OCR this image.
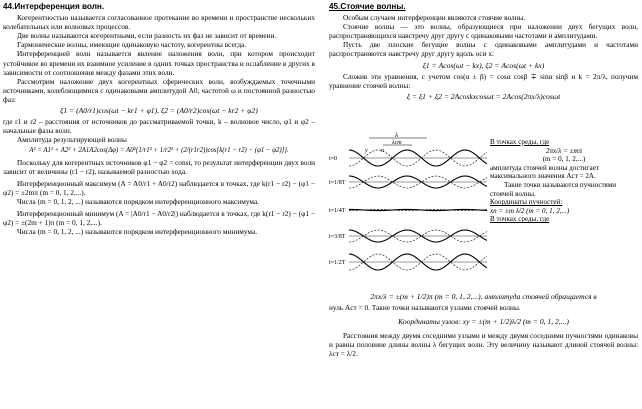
44.Интерференция волн.

Когерентностью называется согласованное протекание во времени и пространстве нескольких колебательных или волновых процессов.

Две волны называются когерентными, если разность их фаз не зависит от времени.

Гармонические волны, имеющие одинаковую частоту, когерентны всегда.

Интерференцией волн называется явление наложения волн, при котором происходит устойчивое во времени их взаимное усиление в одних точках пространства и ослабление в других в зависимости от соотношения между фазами этих волн.

Рассмотрим наложение двух когерентных сферических волн, возбуждаемых точечными источниками, колеблющимися с одинаковыми амплитудой A0, частотой ω и постоянной разностью фаз:

ξ1 = (A0/r1)cos(ωt − kr1 + φ1), ξ2 = (A0/r2)cos(ωt − kr2 + φ2)

где r1 и r2 – расстояния от источников до рассматриваемой точки, k – волновое число, φ1 и φ2 – начальные фазы волн.

Амплитуда результирующей волны

A² = A1² + A2² + 2A1A2cos(Δφ) = A0²{1/r1² + 1/r2² + (2/(r1r2))cos[k(r1 − r2) − (φ1 − φ2)]}.

Поскольку для когерентных источников φ1 − φ2 = const, то результат интерференции двух волн зависит от величины (r1 − r2), называемой разностью хода.

Интерференционный максимум (A = A0/r1 + A0/r2) наблюдается в точках, где k(r1 − r2) − (φ1 − φ2) = ±2mπ (m = 0, 1, 2,...).

Числа (m = 0, 1, 2, ...) называются порядком интерференционного максимума.

Интерференционный минимум (A = |A0/r1 − A0/r2|) наблюдается в точках, где k(r1 − r2) − (φ1 − φ2) = ±(2m + 1)π (m = 0, 1, 2,...).

Числа (m = 0, 1, 2, ...) называются порядком интерференционного минимума.

45.Стоячие волны.

Особым случаем интерференции являются стоячие волны.

Стоячие волны — это волны, образующиеся при наложении двух бегущих волн, распространяющихся навстречу друг другу с одинаковыми частотами и амплитудами.

Пусть две плоские бегущие волны с одинаковыми амплитудами и частотами распространяются навстречу друг другу вдоль оси x:

ξ1 = Acos(ωt − kx), ξ2 = Acos(ωt + kx)

Сложив эти уравнения, с учетом cos(α ± β) = cosα cosβ ∓ sinα sinβ и k = 2π/λ, получим уравнение стоячей волны:

ξ = ξ1 + ξ2 = 2Acoskxcosωt = 2Acos(2πx/λ)cosωt
t=0
t=1/8T
t=1/4T
t=3/8T
t=1/2T
λ
λст
у п
В точках среды, где
2πx/λ = ±mπ
(m = 0, 1, 2,...)
амплитуда стоячей волны достигает максимального значения Aст = 2A.
Такие точки называются пучностями стоячей волны.
Координаты пучностей:
xп = ±m λ/2 (m = 0, 1, 2,...)
В точках среды, где
2πx/λ = ±(m + 1/2)π (m = 0, 1, 2,...), амплитуда стоячей обращается в

нуль Aст = 0. Такие точки называются узлами стоячей волны.

Координаты узлов: xу = ±(m + 1/2)λ/2 (m = 0, 1, 2,...)

Расстояния между двумя соседними узлами и между двумя соседними пучностями одинаковы и равны половине длины волны λ бегущих волн. Эту величину называют длиной стоячей волны: λст = λ/2.
